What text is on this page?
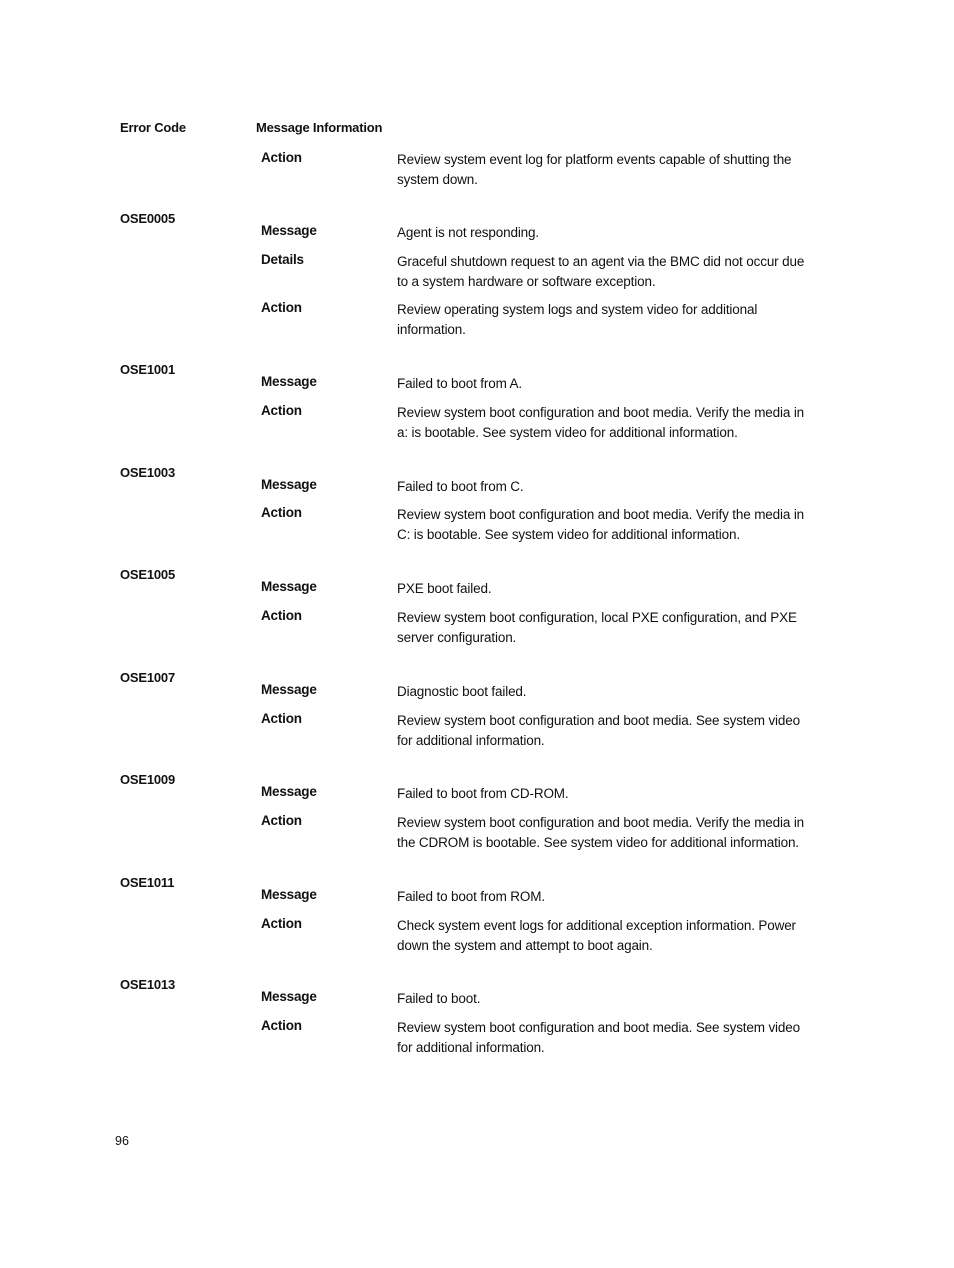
Error Code	Message Information
Action	Review system event log for platform events capable of shutting the system down.
OSE0005
Message	Agent is not responding.
Details	Graceful shutdown request to an agent via the BMC did not occur due to a system hardware or software exception.
Action	Review operating system logs and system video for additional information.
OSE1001
Message	Failed to boot from A.
Action	Review system boot configuration and boot media. Verify the media in a: is bootable. See system video for additional information.
OSE1003
Message	Failed to boot from C.
Action	Review system boot configuration and boot media. Verify the media in C: is bootable. See system video for additional information.
OSE1005
Message	PXE boot failed.
Action	Review system boot configuration, local PXE configuration, and PXE server configuration.
OSE1007
Message	Diagnostic boot failed.
Action	Review system boot configuration and boot media. See system video for additional information.
OSE1009
Message	Failed to boot from CD-ROM.
Action	Review system boot configuration and boot media. Verify the media in the CDROM is bootable. See system video for additional information.
OSE1011
Message	Failed to boot from ROM.
Action	Check system event logs for additional exception information. Power down the system and attempt to boot again.
OSE1013
Message	Failed to boot.
Action	Review system boot configuration and boot media. See system video for additional information.
96
